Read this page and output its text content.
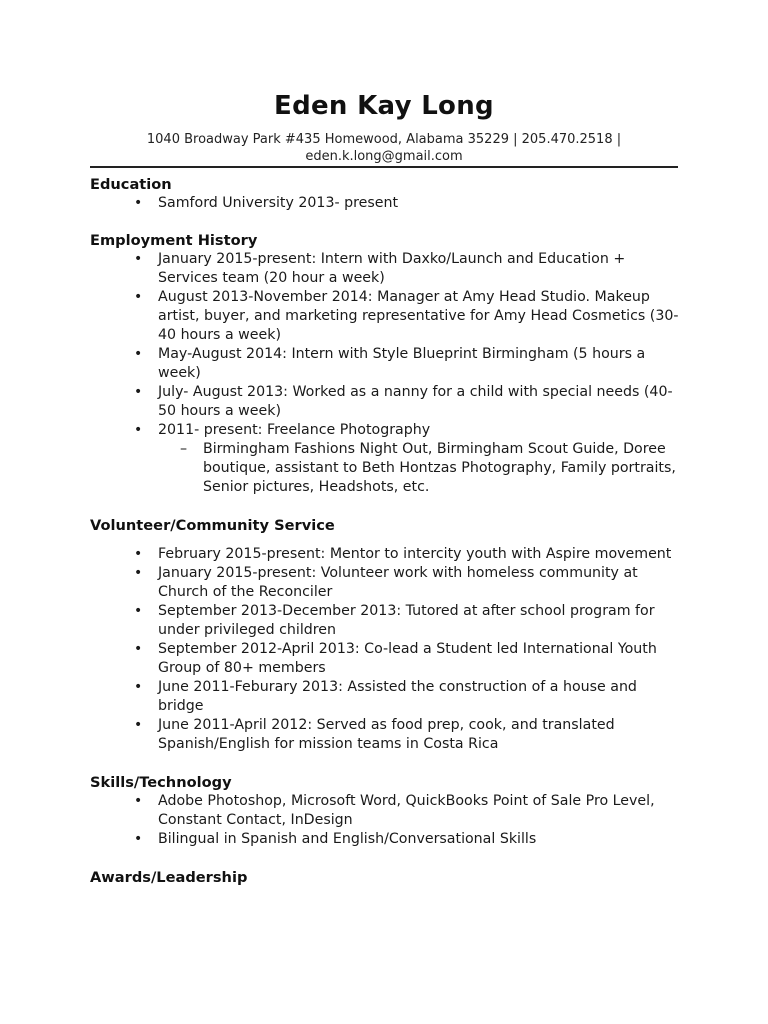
Eden Kay Long
1040 Broadway Park #435 Homewood, Alabama 35229 | 205.470.2518 |
eden.k.long@gmail.com
Education
• Samford University 2013- present
Employment History
• January 2015-present: Intern with Daxko/Launch and Education + Services team (20 hour a week)
• August 2013-November 2014: Manager at Amy Head Studio. Makeup artist, buyer, and marketing representative for Amy Head Cosmetics (30-40 hours a week)
• May-August 2014: Intern with Style Blueprint Birmingham (5 hours a week)
• July- August 2013: Worked as a nanny for a child with special needs (40-50 hours a week)
• 2011- present: Freelance Photography
– Birmingham Fashions Night Out, Birmingham Scout Guide, Doree boutique, assistant to Beth Hontzas Photography, Family portraits, Senior pictures, Headshots, etc.
Volunteer/Community Service
• February 2015-present: Mentor to intercity youth with Aspire movement
• January 2015-present: Volunteer work with homeless community at Church of the Reconciler
• September 2013-December 2013: Tutored at after school program for under privileged children
• September 2012-April 2013: Co-lead a Student led International Youth Group of 80+ members
• June 2011-Feburary 2013: Assisted the construction of a house and bridge
• June 2011-April 2012: Served as food prep, cook, and translated Spanish/English for mission teams in Costa Rica
Skills/Technology
• Adobe Photoshop, Microsoft Word, QuickBooks Point of Sale Pro Level, Constant Contact, InDesign
• Bilingual in Spanish and English/Conversational Skills
Awards/Leadership
